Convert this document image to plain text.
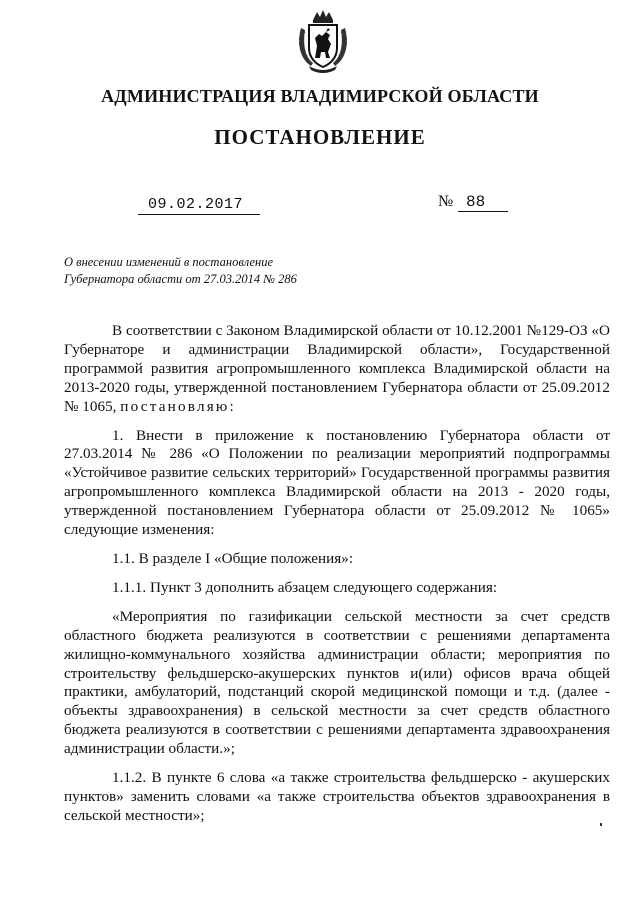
АДМИНИСТРАЦИЯ ВЛАДИМИРСКОЙ ОБЛАСТИ
ПОСТАНОВЛЕНИЕ
09.02.2017	№ 88
О внесении изменений в постановление
Губернатора области от 27.03.2014 № 286

В соответствии с Законом Владимирской области от 10.12.2001 №129-ОЗ «О Губернаторе и администрации Владимирской области», Государственной программой развития агропромышленного комплекса Владимирской области на 2013-2020 годы, утвержденной постановлением Губернатора области от 25.09.2012 № 1065, постановляю:

1. Внести в приложение к постановлению Губернатора области от 27.03.2014 № 286 «О Положении по реализации мероприятий подпрограммы «Устойчивое развитие сельских территорий» Государственной программы развития агропромышленного комплекса Владимирской области на 2013 - 2020 годы, утвержденной постановлением Губернатора области от 25.09.2012 № 1065» следующие изменения:

1.1. В разделе I «Общие положения»:

1.1.1. Пункт 3 дополнить абзацем следующего содержания:

«Мероприятия по газификации сельской местности за счет средств областного бюджета реализуются в соответствии с решениями департамента жилищно-коммунального хозяйства администрации области; мероприятия по строительству фельдшерско-акушерских пунктов и(или) офисов врача общей практики, амбулаторий, подстанций скорой медицинской помощи и т.д. (далее - объекты здравоохранения) в сельской местности за счет средств областного бюджета реализуются в соответствии с решениями департамента здравоохранения администрации области.»;

1.1.2. В пункте 6 слова «а также строительства фельдшерско - акушерских пунктов» заменить словами «а также строительства объектов здравоохранения в сельской местности»;
